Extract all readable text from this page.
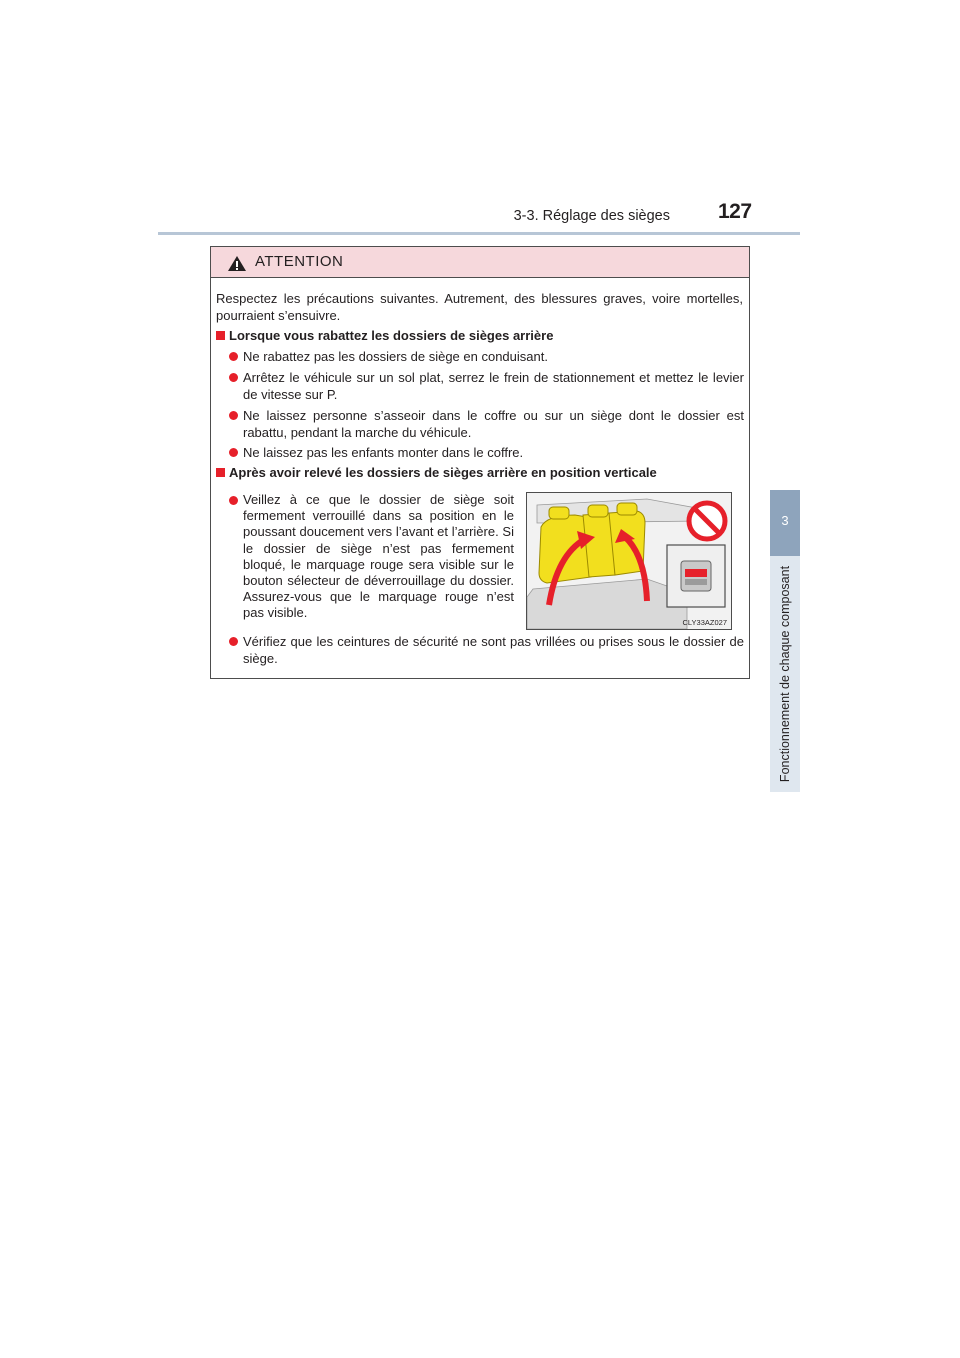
3-3. Réglage des sièges 127
3
Fonctionnement de chaque composant
ATTENTION
Respectez les précautions suivantes. Autrement, des blessures graves, voire mortelles, pourraient s’ensuivre.
Lorsque vous rabattez les dossiers de sièges arrière
Ne rabattez pas les dossiers de siège en conduisant.
Arrêtez le véhicule sur un sol plat, serrez le frein de stationnement et mettez le levier de vitesse sur P.
Ne laissez personne s’asseoir dans le coffre ou sur un siège dont le dossier est rabattu, pendant la marche du véhicule.
Ne laissez pas les enfants monter dans le coffre.
Après avoir relevé les dossiers de sièges arrière en position verticale
Veillez à ce que le dossier de siège soit fermement verrouillé dans sa position en le poussant doucement vers l’avant et l’arrière. Si le dossier de siège n’est pas fermement bloqué, le marquage rouge sera visible sur le bouton sélecteur de déverrouillage du dossier. Assurez-vous que le marquage rouge n’est pas visible.
CLY33AZ027
Vérifiez que les ceintures de sécurité ne sont pas vrillées ou prises sous le dossier de siège.
